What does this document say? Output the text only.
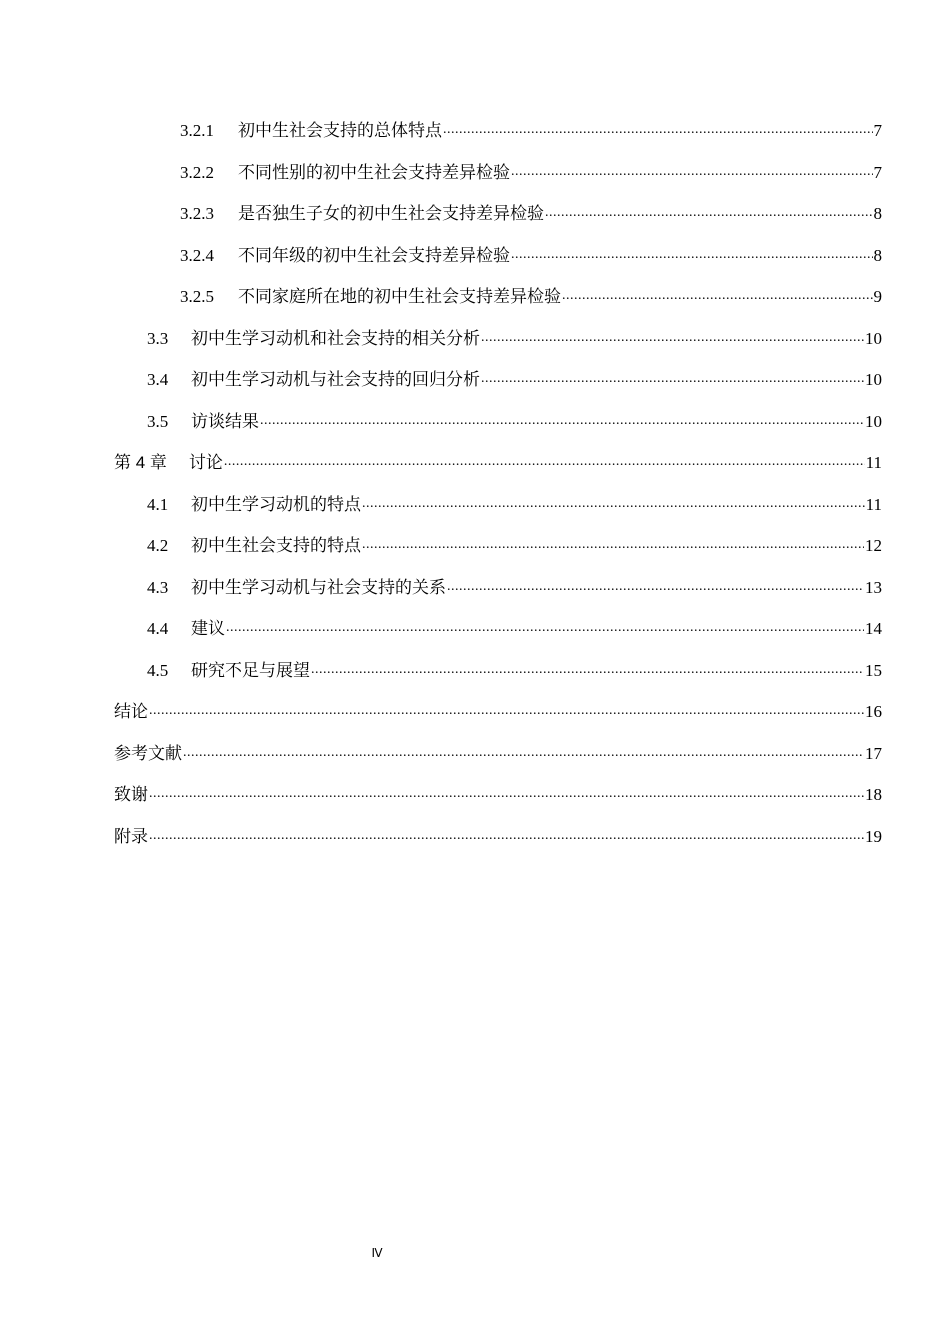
3.2.1	初中生社会支持的总体特点 .....	7
3.2.2	不同性别的初中生社会支持差异检验 .....	7
3.2.3	是否独生子女的初中生社会支持差异检验 .....	8
3.2.4	不同年级的初中生社会支持差异检验 .....	8
3.2.5	不同家庭所在地的初中生社会支持差异检验 .....	9
3.3	初中生学习动机和社会支持的相关分析 .....	10
3.4	初中生学习动机与社会支持的回归分析 .....	10
3.5	访谈结果 .....	10
第 4 章 讨论 .....	11
4.1	初中生学习动机的特点 .....	11
4.2	初中生社会支持的特点 .....	12
4.3	初中生学习动机与社会支持的关系 .....	13
4.4	建议 .....	14
4.5	研究不足与展望 .....	15
结论 .....	16
参考文献 .....	17
致谢 .....	18
附录 .....	19
Ⅳ
